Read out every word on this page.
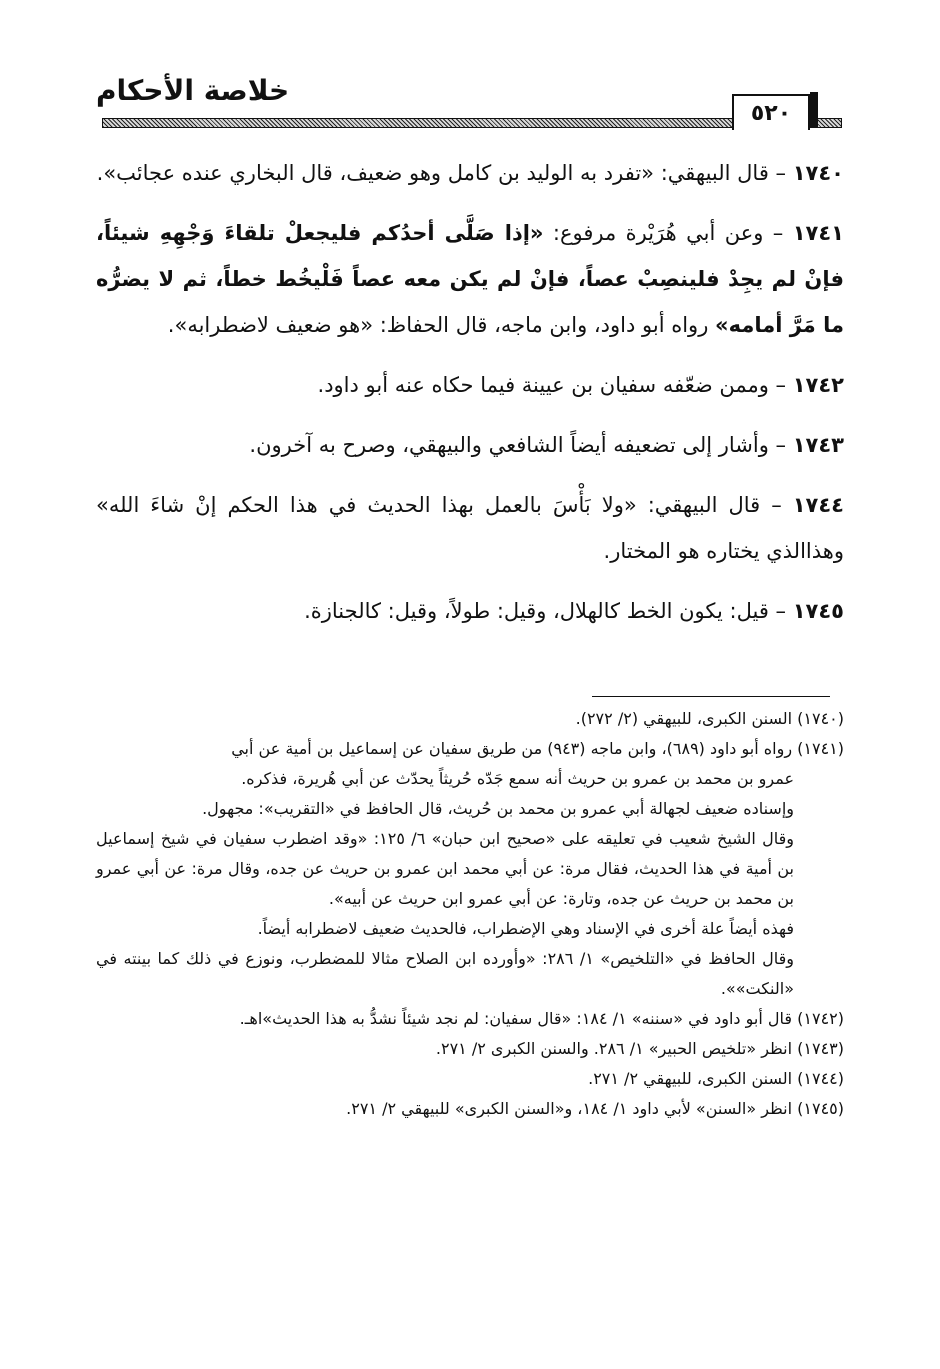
خلاصة الأحكام
٥٢٠

١٧٤٠ – قال البيهقي: «تفرد به الوليد بن كامل وهو ضعيف، قال البخاري عنده عجائب».

١٧٤١ – وعن أبي هُرَيْرة مرفوع: «إذا صَلَّى أحدُكم فليجعلْ تلقاءَ وَجْهِهِ شيئاً، فإنْ لم يجِدْ فلينصِبْ عصاً، فإنْ لم يكن معه عصاً فَلْيخُط خطاً، ثم لا يضرُّه ما مَرَّ أمامه» رواه أبو داود، وابن ماجه، قال الحفاظ: «هو ضعيف لاضطرابه».

١٧٤٢ – وممن ضعّفه سفيان بن عيينة فيما حكاه عنه أبو داود.

١٧٤٣ – وأشار إلى تضعيفه أيضاً الشافعي والبيهقي، وصرح به آخرون.

١٧٤٤ – قال البيهقي: «ولا بَأْسَ بالعمل بهذا الحديث في هذا الحكم إنْ شاءَ الله» وهذاالذي يختاره هو المختار.

١٧٤٥ – قيل: يكون الخط كالهلال، وقيل: طولاً، وقيل: كالجنازة.

(١٧٤٠) السنن الكبرى، للبيهقي (٢/ ٢٧٢).

(١٧٤١) رواه أبو داود (٦٨٩)، وابن ماجه (٩٤٣) من طريق سفيان عن إسماعيل بن أمية عن أبي

عمرو بن محمد بن عمرو بن حريث أنه سمع جَدّه حُريثاً يحدّث عن أبي هُريرة، فذكره.

وإسناده ضعيف لجهالة أبي عمرو بن محمد بن حُريث، قال الحافظ في «التقريب»: مجهول.

وقال الشيخ شعيب في تعليقه على «صحيح ابن حبان» ٦/ ١٢٥: «وقد اضطرب سفيان في شيخ إسماعيل بن أمية في هذا الحديث، فقال مرة: عن أبي محمد ابن عمرو بن حريث عن جده، وقال مرة: عن أبي عمرو بن محمد بن حريث عن جده، وتارة: عن أبي عمرو ابن حريث عن أبيه».

فهذه أيضاً علة أخرى في الإسناد وهي الإضطراب، فالحديث ضعيف لاضطرابه أيضاً.

وقال الحافظ في «التلخيص» ١/ ٢٨٦: «وأورده ابن الصلاح مثالا للمضطرب، ونوزع في ذلك كما بينته في «النكت»».

(١٧٤٢) قال أبو داود في «سننه» ١/ ١٨٤: «قال سفيان: لم نجد شيئاً نشدُّ به هذا الحديث»اهـ.

(١٧٤٣) انظر «تلخيص الحبير» ١/ ٢٨٦. والسنن الكبرى ٢/ ٢٧١.

(١٧٤٤) السنن الكبرى، للبيهقي ٢/ ٢٧١.

(١٧٤٥) انظر «السنن» لأبي داود ١/ ١٨٤، و«السنن الكبرى» للبيهقي ٢/ ٢٧١.
